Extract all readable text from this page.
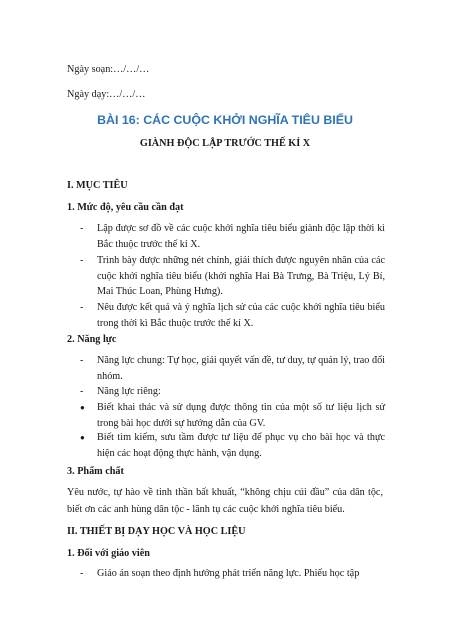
Ngày soạn:…/…/…
Ngày dạy:…/…/…
BÀI 16: CÁC CUỘC KHỞI NGHĨA TIÊU BIỂU
GIÀNH ĐỘC LẬP TRƯỚC THẾ KỈ X
I. MỤC TIÊU
1. Mức độ, yêu cầu cần đạt
- Lập được sơ đồ về các cuộc khởi nghĩa tiêu biểu giành độc lập thời kì Bắc thuộc trước thế kỉ X.
- Trình bày được những nét chính, giải thích được nguyên nhân của các cuộc khởi nghĩa tiêu biểu (khởi nghĩa Hai Bà Trưng, Bà Triệu, Lý Bí, Mai Thúc Loan, Phùng Hưng).
- Nêu được kết quả và ý nghĩa lịch sử của các cuộc khởi nghĩa tiêu biểu trong thời kì Bắc thuộc trước thế kỉ X.
2. Năng lực
- Năng lực chung: Tự học, giải quyết vấn đề, tư duy, tự quản lý, trao đổi nhóm.
- Năng lực riêng:
● Biết khai thác và sử dụng được thông tin của một số tư liệu lịch sử trong bài học dưới sự hướng dẫn của GV.
● Biết tìm kiếm, sưu tầm được tư liệu để phục vụ cho bài học và thực hiện các hoạt động thực hành, vận dụng.
3. Phẩm chất
Yêu nước, tự hào về tinh thần bất khuất, “không chịu cúi đầu” của dân tộc, biết ơn các anh hùng dân tộc - lãnh tụ các cuộc khởi nghĩa tiêu biểu.
II. THIẾT BỊ DẠY HỌC VÀ HỌC LIỆU
1. Đối với giáo viên
- Giáo án soạn theo định hướng phát triển năng lực. Phiếu học tập
